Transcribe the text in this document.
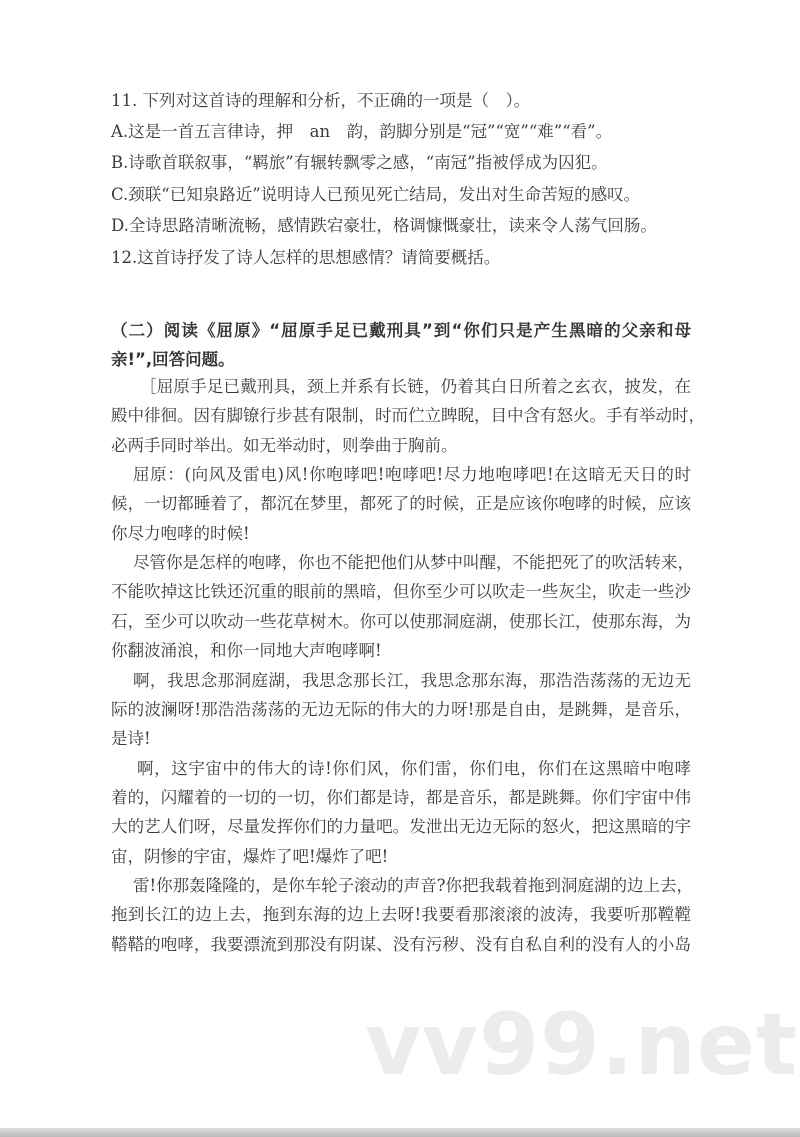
11. 下列对这首诗的理解和分析，不正确的一项是（　）。
A.这是一首五言律诗，押　an　韵，韵脚分别是“冠”“宽”“难”“看”。
B.诗歌首联叙事，“羁旅”有辗转飘零之感，“南冠”指被俘成为囚犯。
C.颈联“已知泉路近”说明诗人已预见死亡结局，发出对生命苦短的感叹。
D.全诗思路清晰流畅，感情跌宕豪壮，格调慷慨豪壮，读来令人荡气回肠。
12.这首诗抒发了诗人怎样的思想感情？请简要概括。
（二）阅读《屈原》“屈原手足已戴刑具”到“你们只是产生黑暗的父亲和母
亲!”,回答问题。
［屈原手足已戴刑具，颈上并系有长链，仍着其白日所着之玄衣，披发，在
殿中徘徊。因有脚镣行步甚有限制，时而伫立睥睨，目中含有怒火。手有举动时，
必两手同时举出。如无举动时，则拳曲于胸前。
屈原：(向风及雷电)风!你咆哮吧!咆哮吧!尽力地咆哮吧!在这暗无天日的时
候，一切都睡着了，都沉在梦里，都死了的时候，正是应该你咆哮的时候，应该
你尽力咆哮的时候!
尽管你是怎样的咆哮，你也不能把他们从梦中叫醒，不能把死了的吹活转来，
不能吹掉这比铁还沉重的眼前的黑暗，但你至少可以吹走一些灰尘，吹走一些沙
石，至少可以吹动一些花草树木。你可以使那洞庭湖，使那长江，使那东海，为
你翻波涌浪，和你一同地大声咆哮啊!
啊，我思念那洞庭湖，我思念那长江，我思念那东海，那浩浩荡荡的无边无
际的波澜呀!那浩浩荡荡的无边无际的伟大的力呀!那是自由，是跳舞，是音乐，
是诗!
啊，这宇宙中的伟大的诗!你们风，你们雷，你们电，你们在这黑暗中咆哮
着的，闪耀着的一切的一切，你们都是诗，都是音乐，都是跳舞。你们宇宙中伟
大的艺人们呀，尽量发挥你们的力量吧。发泄出无边无际的怒火，把这黑暗的宇
宙，阴惨的宇宙，爆炸了吧!爆炸了吧!
雷!你那轰隆隆的，是你车轮子滚动的声音?你把我载着拖到洞庭湖的边上去，
拖到长江的边上去，拖到东海的边上去呀!我要看那滚滚的波涛，我要听那鞺鞺
鞳鞳的咆哮，我要漂流到那没有阴谋、没有污秽、没有自私自利的没有人的小岛
vv99.net
